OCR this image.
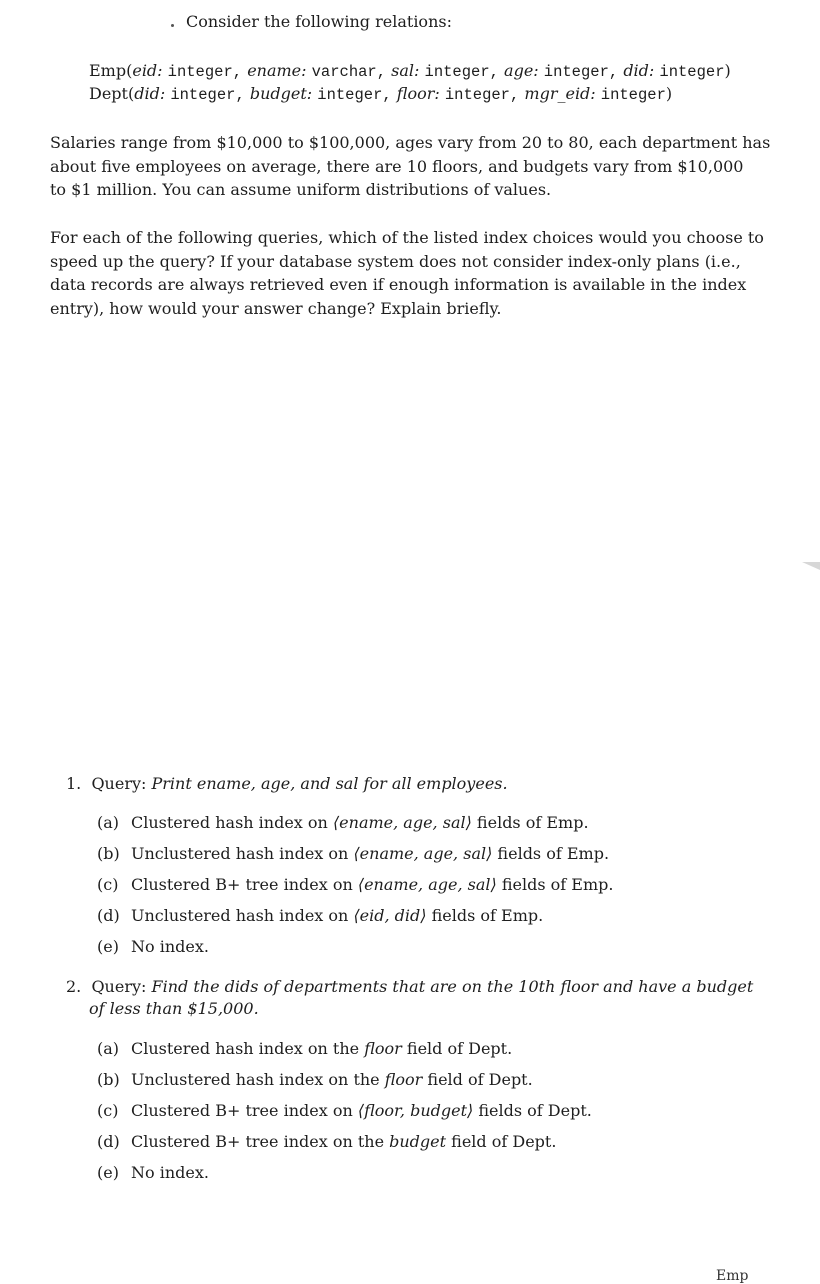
Consider the following relations:
Emp(eid: integer, ename: varchar, sal: integer, age: integer, did: integer)
Dept(did: integer, budget: integer, floor: integer, mgr_eid: integer)
Salaries range from $10,000 to $100,000, ages vary from 20 to 80, each department has
about five employees on average, there are 10 floors, and budgets vary from $10,000
to $1 million. You can assume uniform distributions of values.
For each of the following queries, which of the listed index choices would you choose to
speed up the query? If your database system does not consider index-only plans (i.e.,
data records are always retrieved even if enough information is available in the index
entry), how would your answer change? Explain briefly.
1. Query: Print ename, age, and sal for all employees.
(a) Clustered hash index on ⟨ename, age, sal⟩ fields of Emp.
(b) Unclustered hash index on ⟨ename, age, sal⟩ fields of Emp.
(c) Clustered B+ tree index on ⟨ename, age, sal⟩ fields of Emp.
(d) Unclustered hash index on ⟨eid, did⟩ fields of Emp.
(e) No index.
2. Query: Find the dids of departments that are on the 10th floor and have a budget
of less than $15,000.
(a) Clustered hash index on the floor field of Dept.
(b) Unclustered hash index on the floor field of Dept.
(c) Clustered B+ tree index on ⟨floor, budget⟩ fields of Dept.
(d) Clustered B+ tree index on the budget field of Dept.
(e) No index.
Emp
